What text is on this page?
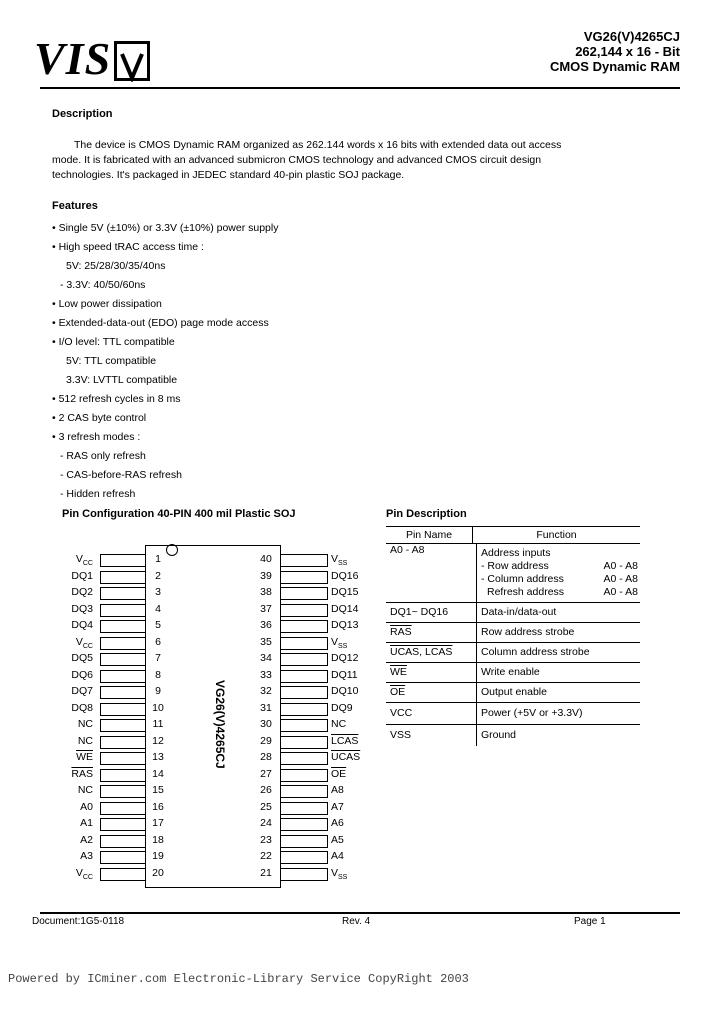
VIS	VG26(V)4265CJ
262,144 x 16 - Bit
CMOS Dynamic RAM
Description
The device is CMOS Dynamic RAM organized as 262.144 words x 16 bits with extended data out access
mode. It is fabricated with an advanced submicron CMOS technology and advanced CMOS circuit design
technologies. It's packaged in JEDEC standard 40-pin plastic SOJ package.
Features
• Single 5V (±10%) or 3.3V (±10%) power supply
• High speed tRAC access time :
5V: 25/28/30/35/40ns
- 3.3V: 40/50/60ns
• Low power dissipation
• Extended-data-out (EDO) page mode access
• I/O level: TTL compatible
5V: TTL compatible
3.3V: LVTTL compatible
• 512 refresh cycles in 8 ms
• 2 CAS byte control
• 3 refresh modes :
- RAS only refresh
- CAS-before-RAS refresh
- Hidden refresh
Pin Configuration 40-PIN 400 mil Plastic SOJ
VG26(V)4265CJ
$V_{CC}$	1
DQ1	2
DQ2	3
DQ3	4
DQ4	5
$V_{CC}$	6
DQ5	7
DQ6	8
DQ7	9
DQ8	10
NC	11
NC	12
$\overline{WE}$	13
$\overline{RAS}$	14
NC	15
A0	16
A1	17
A2	18
A3	19
$V_{CC}$	20
40	$V_{SS}$
39	DQ16
38	DQ15
37	DQ14
36	DQ13
35	$V_{SS}$
34	DQ12
33	DQ11
32	DQ10
31	DQ9
30	NC
29	LCAS
28	UCAS
27	$\overline{OE}$
26	A8
25	A7
24	A6
23	A5
22	A4
21	$V_{SS}$
Pin Description
Pin Name	Function
A0 - A8	Address inputs
- Row address	A0 - A8
- Column address	A0 - A8
Refresh address	A0 - A8
DQ1~ DQ16	Data-in/data-out
$\overline{RAS}$	Row address strobe
UCAS, LCAS	Column address strobe
$\overline{WE}$	Write enable
$\overline{OE}$	Output enable
VCC	Power (+5V or +3.3V)
VSS	Ground
Document:1G5-0118	Rev. 4	Page 1
Powered by ICminer.com Electronic-Library Service CopyRight 2003
